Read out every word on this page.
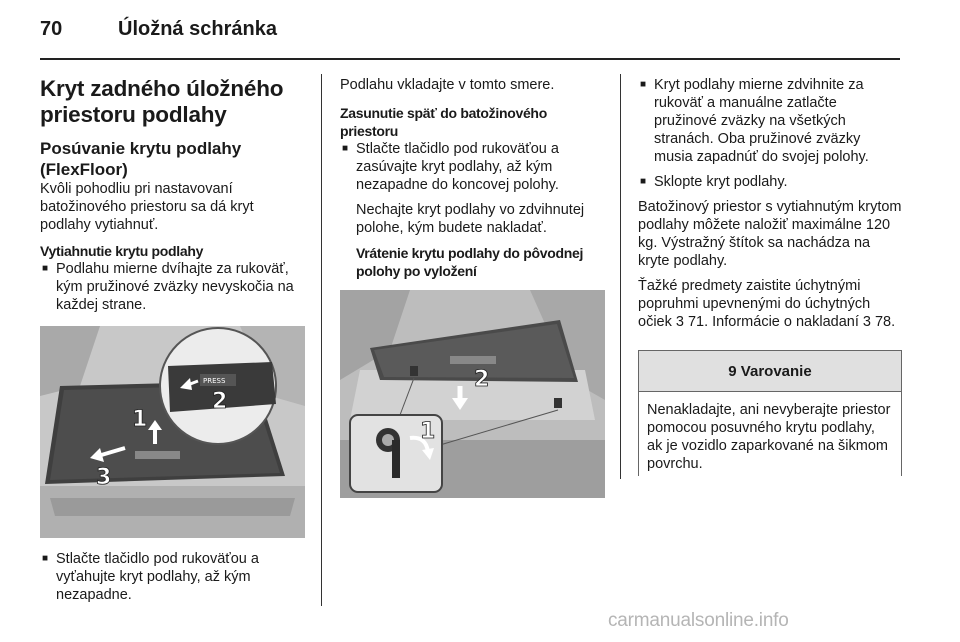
70	Úložná schránka
Kryt zadného úložného priestoru podlahy
Posúvanie krytu podlahy (FlexFloor)

Kvôli pohodliu pri nastavovaní batožinového priestoru sa dá kryt podlahy vytiahnuť.

Vytiahnutie krytu podlahy
■ Podlahu mierne dvíhajte za rukoväť, kým pružinové zväzky nevyskočia na každej strane.
PRESS
2
1
3
■ Stlačte tlačidlo pod rukoväťou a vyťahujte kryt podlahy, až kým nezapadne.

Podlahu vkladajte v tomto smere.

Zasunutie späť do batožinového priestoru
■ Stlačte tlačidlo pod rukoväťou a zasúvajte kryt podlahy, až kým nezapadne do koncovej polohy.

Nechajte kryt podlahy vo zdvihnutej polohe, kým budete nakladať.

Vrátenie krytu podlahy do pôvodnej polohy po vyložení
2
1
■ Kryt podlahy mierne zdvihnite za rukoväť a manuálne zatlačte pružinové zväzky na všetkých stranách. Oba pružinové zväzky musia zapadnúť do svojej polohy.
■ Sklopte kryt podlahy.

Batožinový priestor s vytiahnutým krytom podlahy môžete naložiť maximálne 120 kg. Výstražný štítok sa nachádza na kryte podlahy.

Ťažké predmety zaistite úchytnými popruhmi upevnenými do úchytných očiek 3 71. Informácie o nakladaní 3 78.

9 Varovanie

Nenakladajte, ani nevyberajte priestor pomocou posuvného krytu podlahy, ak je vozidlo zaparkované na šikmom povrchu.

carmanualsonline.info
